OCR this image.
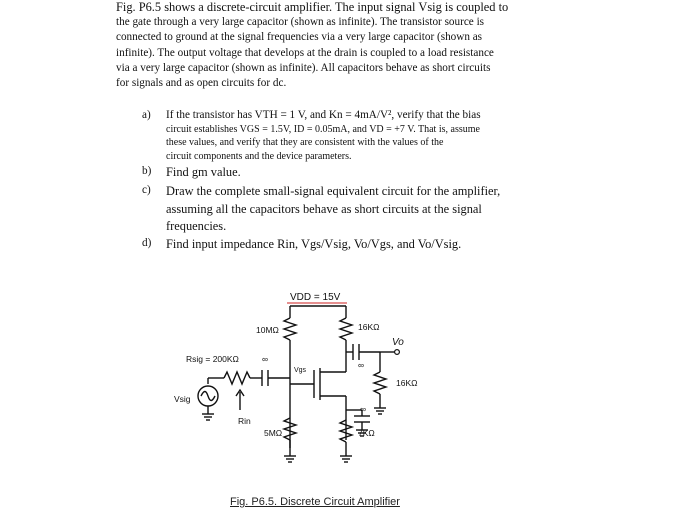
Fig. P6.5 shows a discrete-circuit amplifier. The input signal Vsig is coupled to
the gate through a very large capacitor (shown as infinite). The transistor source is
connected to ground at the signal frequencies via a very large capacitor (shown as
infinite). The output voltage that develops at the drain is coupled to a load resistance
via a very large capacitor (shown as infinite). All capacitors behave as short circuits
for signals and as open circuits for dc.
a) If the transistor has VTH = 1 V, and Kn = 4mA/V², verify that the bias
circuit establishes VGS = 1.5V, ID = 0.05mA, and VD = +7 V. That is, assume
these values, and verify that they are consistent with the values of the
circuit components and the device parameters.
b) Find gm value.
c) Draw the complete small-signal equivalent circuit for the amplifier,
assuming all the capacitors behave as short circuits at the signal
frequencies.
d) Find input impedance Rin, Vgs/Vsig, Vo/Vgs, and Vo/Vsig.
VDD = 15V
10MΩ	16KΩ
Vo
Rsig = 200KΩ	∞
Vgs
∞
16KΩ
Vsig
Rin
5MΩ	7KΩ
∞
Fig. P6.5. Discrete Circuit Amplifier
